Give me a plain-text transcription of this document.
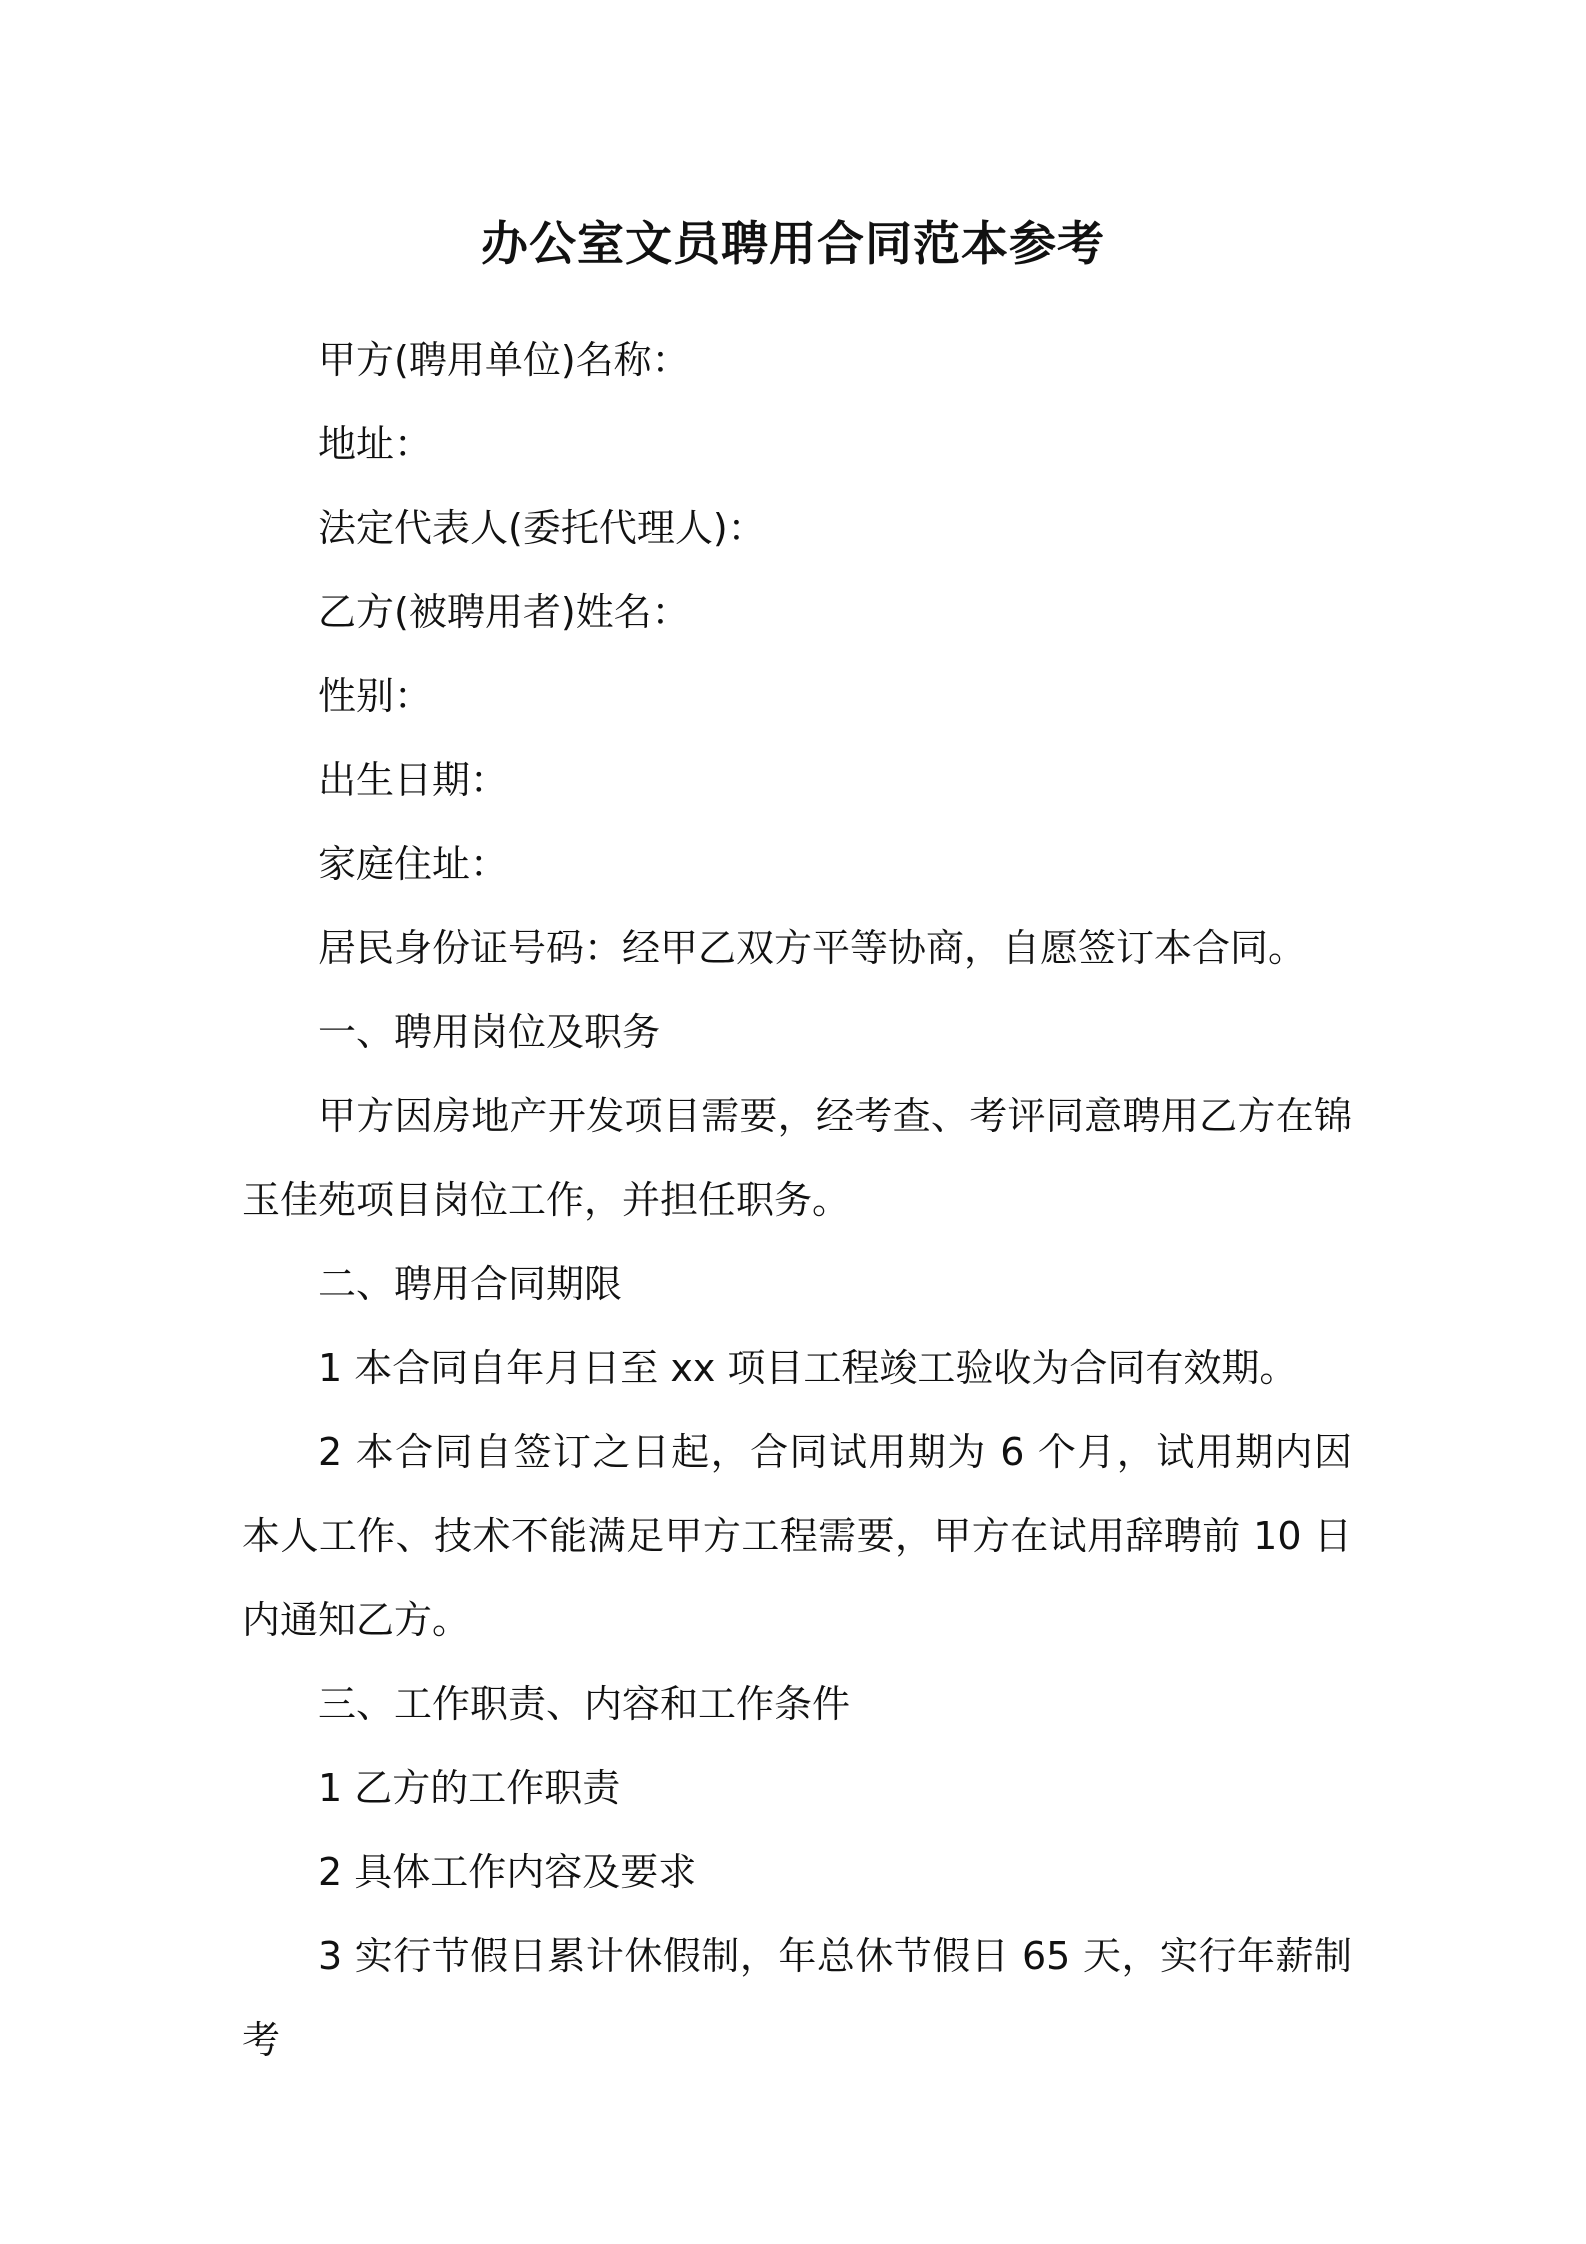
办公室文员聘用合同范本参考

甲方(聘用单位)名称：

地址：

法定代表人(委托代理人)：

乙方(被聘用者)姓名：

性别：

出生日期：

家庭住址：

居民身份证号码：经甲乙双方平等协商，自愿签订本合同。

一、聘用岗位及职务

甲方因房地产开发项目需要，经考查、考评同意聘用乙方在锦玉佳苑项目岗位工作，并担任职务。

二、聘用合同期限

1 本合同自年月日至 xx 项目工程竣工验收为合同有效期。

2 本合同自签订之日起，合同试用期为 6 个月，试用期内因本人工作、技术不能满足甲方工程需要，甲方在试用辞聘前 10 日内通知乙方。

三、工作职责、内容和工作条件

1 乙方的工作职责

2 具体工作内容及要求

3 实行节假日累计休假制，年总休节假日 65 天，实行年薪制考
